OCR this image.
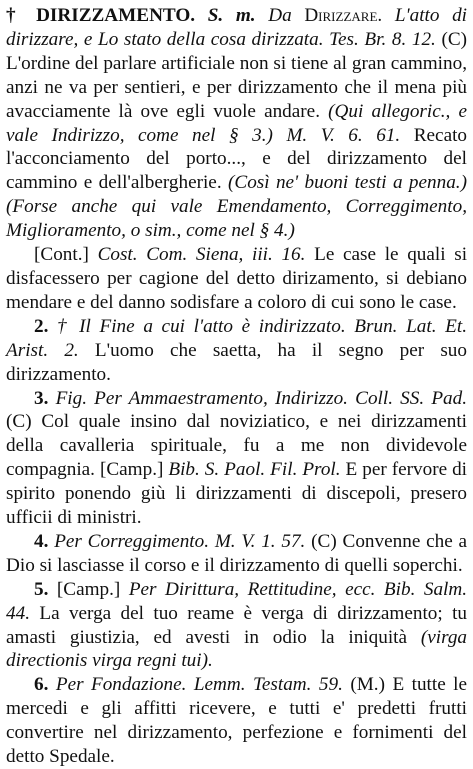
† DIRIZZAMENTO. S. m. Da Dirizzare. L'atto di dirizzare, e Lo stato della cosa dirizzata. Tes. Br. 8. 12. (C) L'ordine del parlare artificiale non si tiene al gran cammino, anzi ne va per sentieri, e per dirizzamento che il mena più avacciamente là ove egli vuole andare. (Qui allegoric., e vale Indirizzo, come nel § 3.) M. V. 6. 61. Recato l'acconciamento del porto..., e del dirizzamento del cammino e dell'albergherie. (Così ne' buoni testi a penna.) (Forse anche qui vale Emendamento, Correggimento, Miglioramento, o sim., come nel § 4.)

[Cont.] Cost. Com. Siena, iii. 16. Le case le quali si disfacessero per cagione del detto dirizamento, si debiano mendare e del danno sodisfare a coloro di cui sono le case.

2. † Il Fine a cui l'atto è indirizzato. Brun. Lat. Et. Arist. 2. L'uomo che saetta, ha il segno per suo dirizzamento.

3. Fig. Per Ammaestramento, Indirizzo. Coll. SS. Pad. (C) Col quale insino dal noviziatico, e nei dirizzamenti della cavalleria spirituale, fu a me non dividevole compagnia. [Camp.] Bib. S. Paol. Fil. Prol. E per fervore di spirito ponendo giù li dirizzamenti di discepoli, presero ufficii di ministri.

4. Per Correggimento. M. V. 1. 57. (C) Convenne che a Dio si lasciasse il corso e il dirizzamento di quelli soperchi.

5. [Camp.] Per Dirittura, Rettitudine, ecc. Bib. Salm. 44. La verga del tuo reame è verga di dirizzamento; tu amasti giustizia, ed avesti in odio la iniquità (virga directionis virga regni tui).

6. Per Fondazione. Lemm. Testam. 59. (M.) E tutte le mercedi e gli affitti ricevere, e tutti e' predetti frutti convertire nel dirizzamento, perfezione e fornimenti del detto Spedale.
